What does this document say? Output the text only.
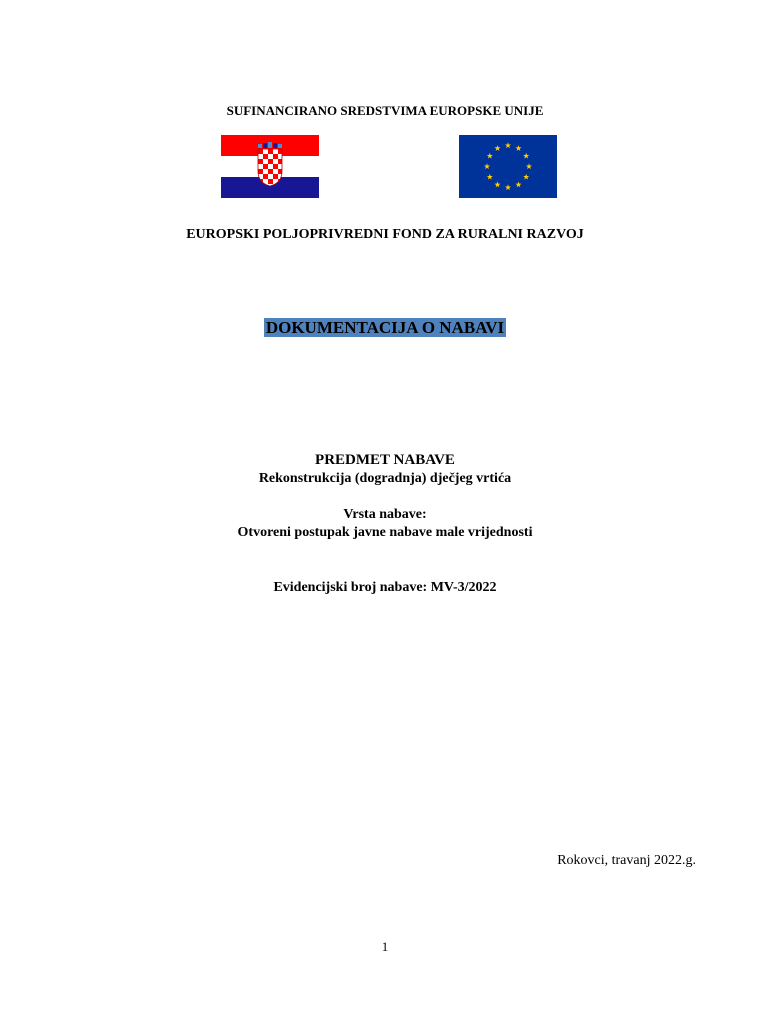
SUFINANCIRANO SREDSTVIMA EUROPSKE UNIJE
EUROPSKI POLJOPRIVREDNI FOND ZA RURALNI RAZVOJ
DOKUMENTACIJA O NABAVI
PREDMET NABAVE
Rekonstrukcija (dogradnja) dječjeg vrtića
Vrsta nabave:
Otvoreni postupak javne nabave male vrijednosti
Evidencijski broj nabave: MV-3/2022
Rokovci, travanj 2022.g.
1
